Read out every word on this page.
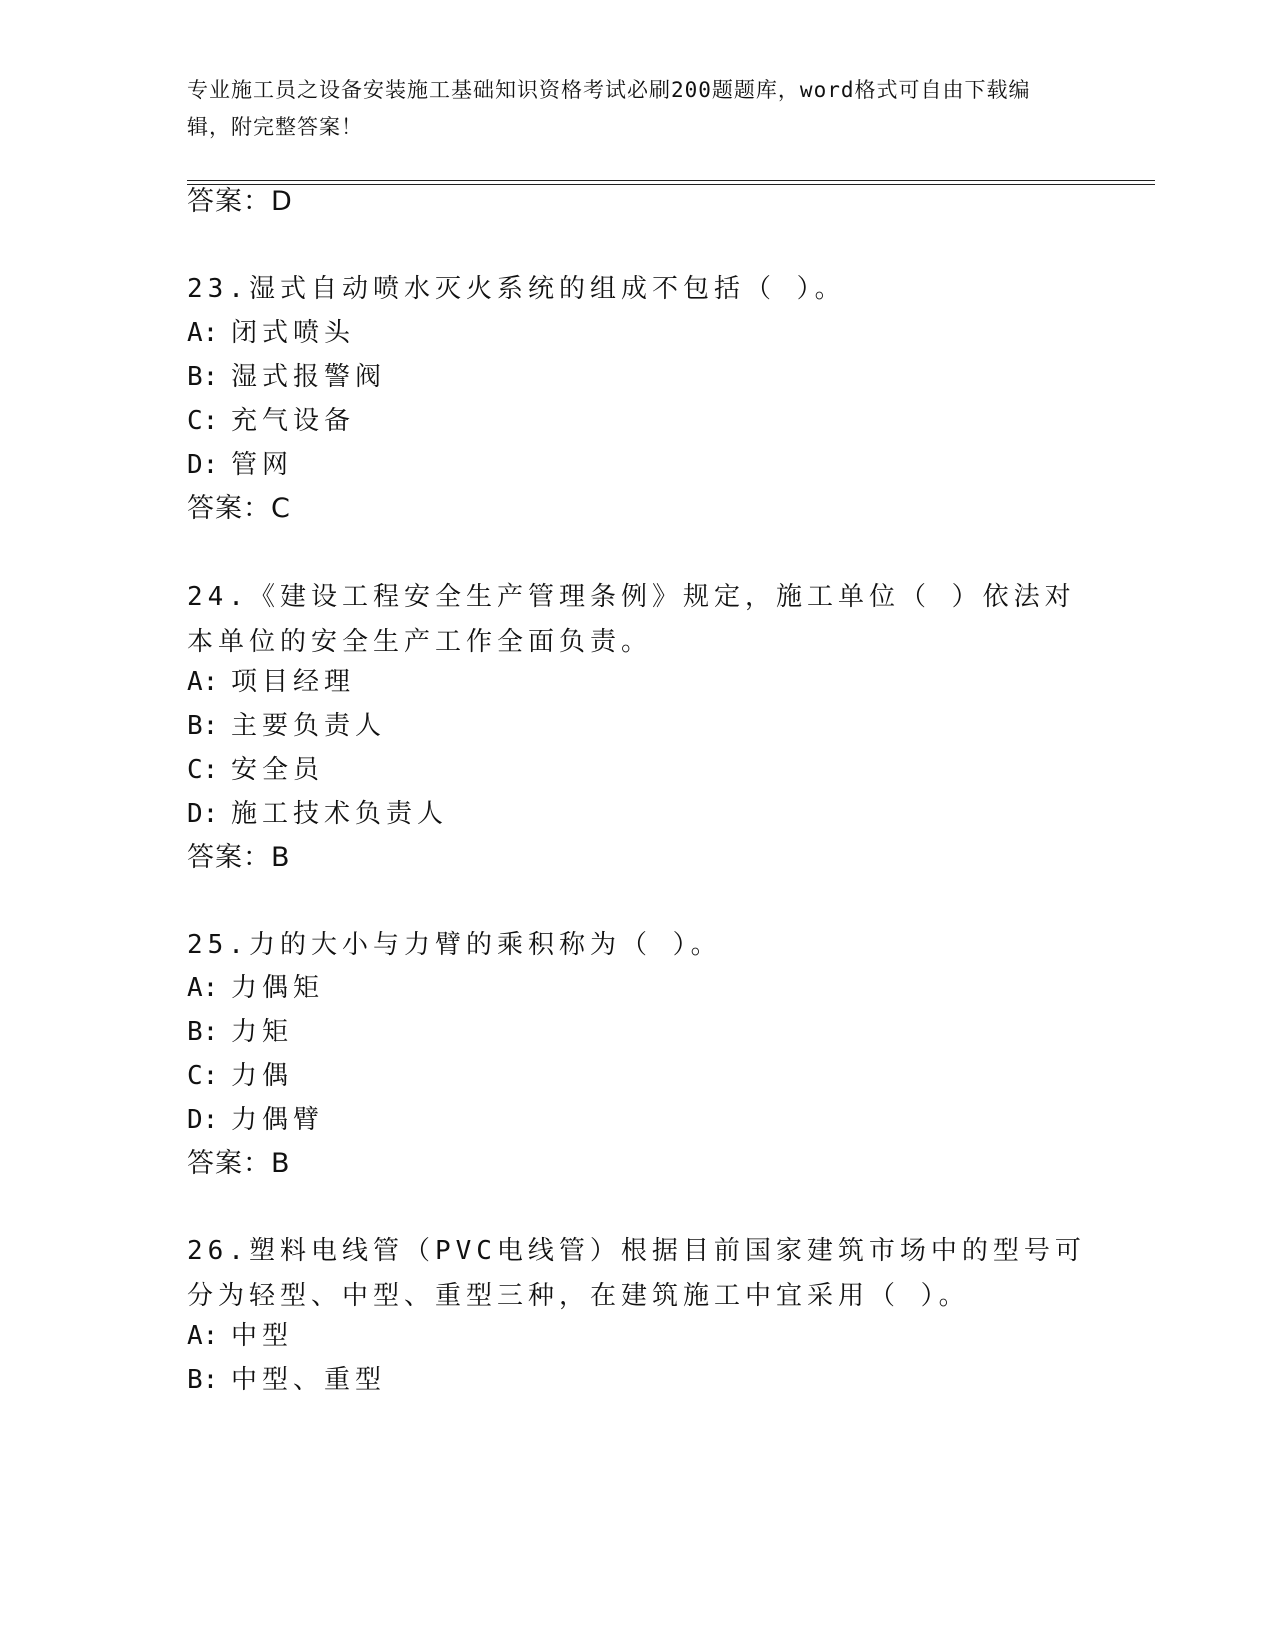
专业施工员之设备安装施工基础知识资格考试必刷200题题库，word格式可自由下载编辑，附完整答案！
答案：D
23.湿式自动喷水灭火系统的组成不包括（ ）。
A: 闭式喷头
B: 湿式报警阀
C: 充气设备
D: 管网
答案：C
24.《建设工程安全生产管理条例》规定，施工单位（ ）依法对本单位的安全生产工作全面负责。
A: 项目经理
B: 主要负责人
C: 安全员
D: 施工技术负责人
答案：B
25.力的大小与力臂的乘积称为（ ）。
A: 力偶矩
B: 力矩
C: 力偶
D: 力偶臂
答案：B
26.塑料电线管（PVC电线管）根据目前国家建筑市场中的型号可分为轻型、中型、重型三种，在建筑施工中宜采用（ ）。
A: 中型
B: 中型、重型
